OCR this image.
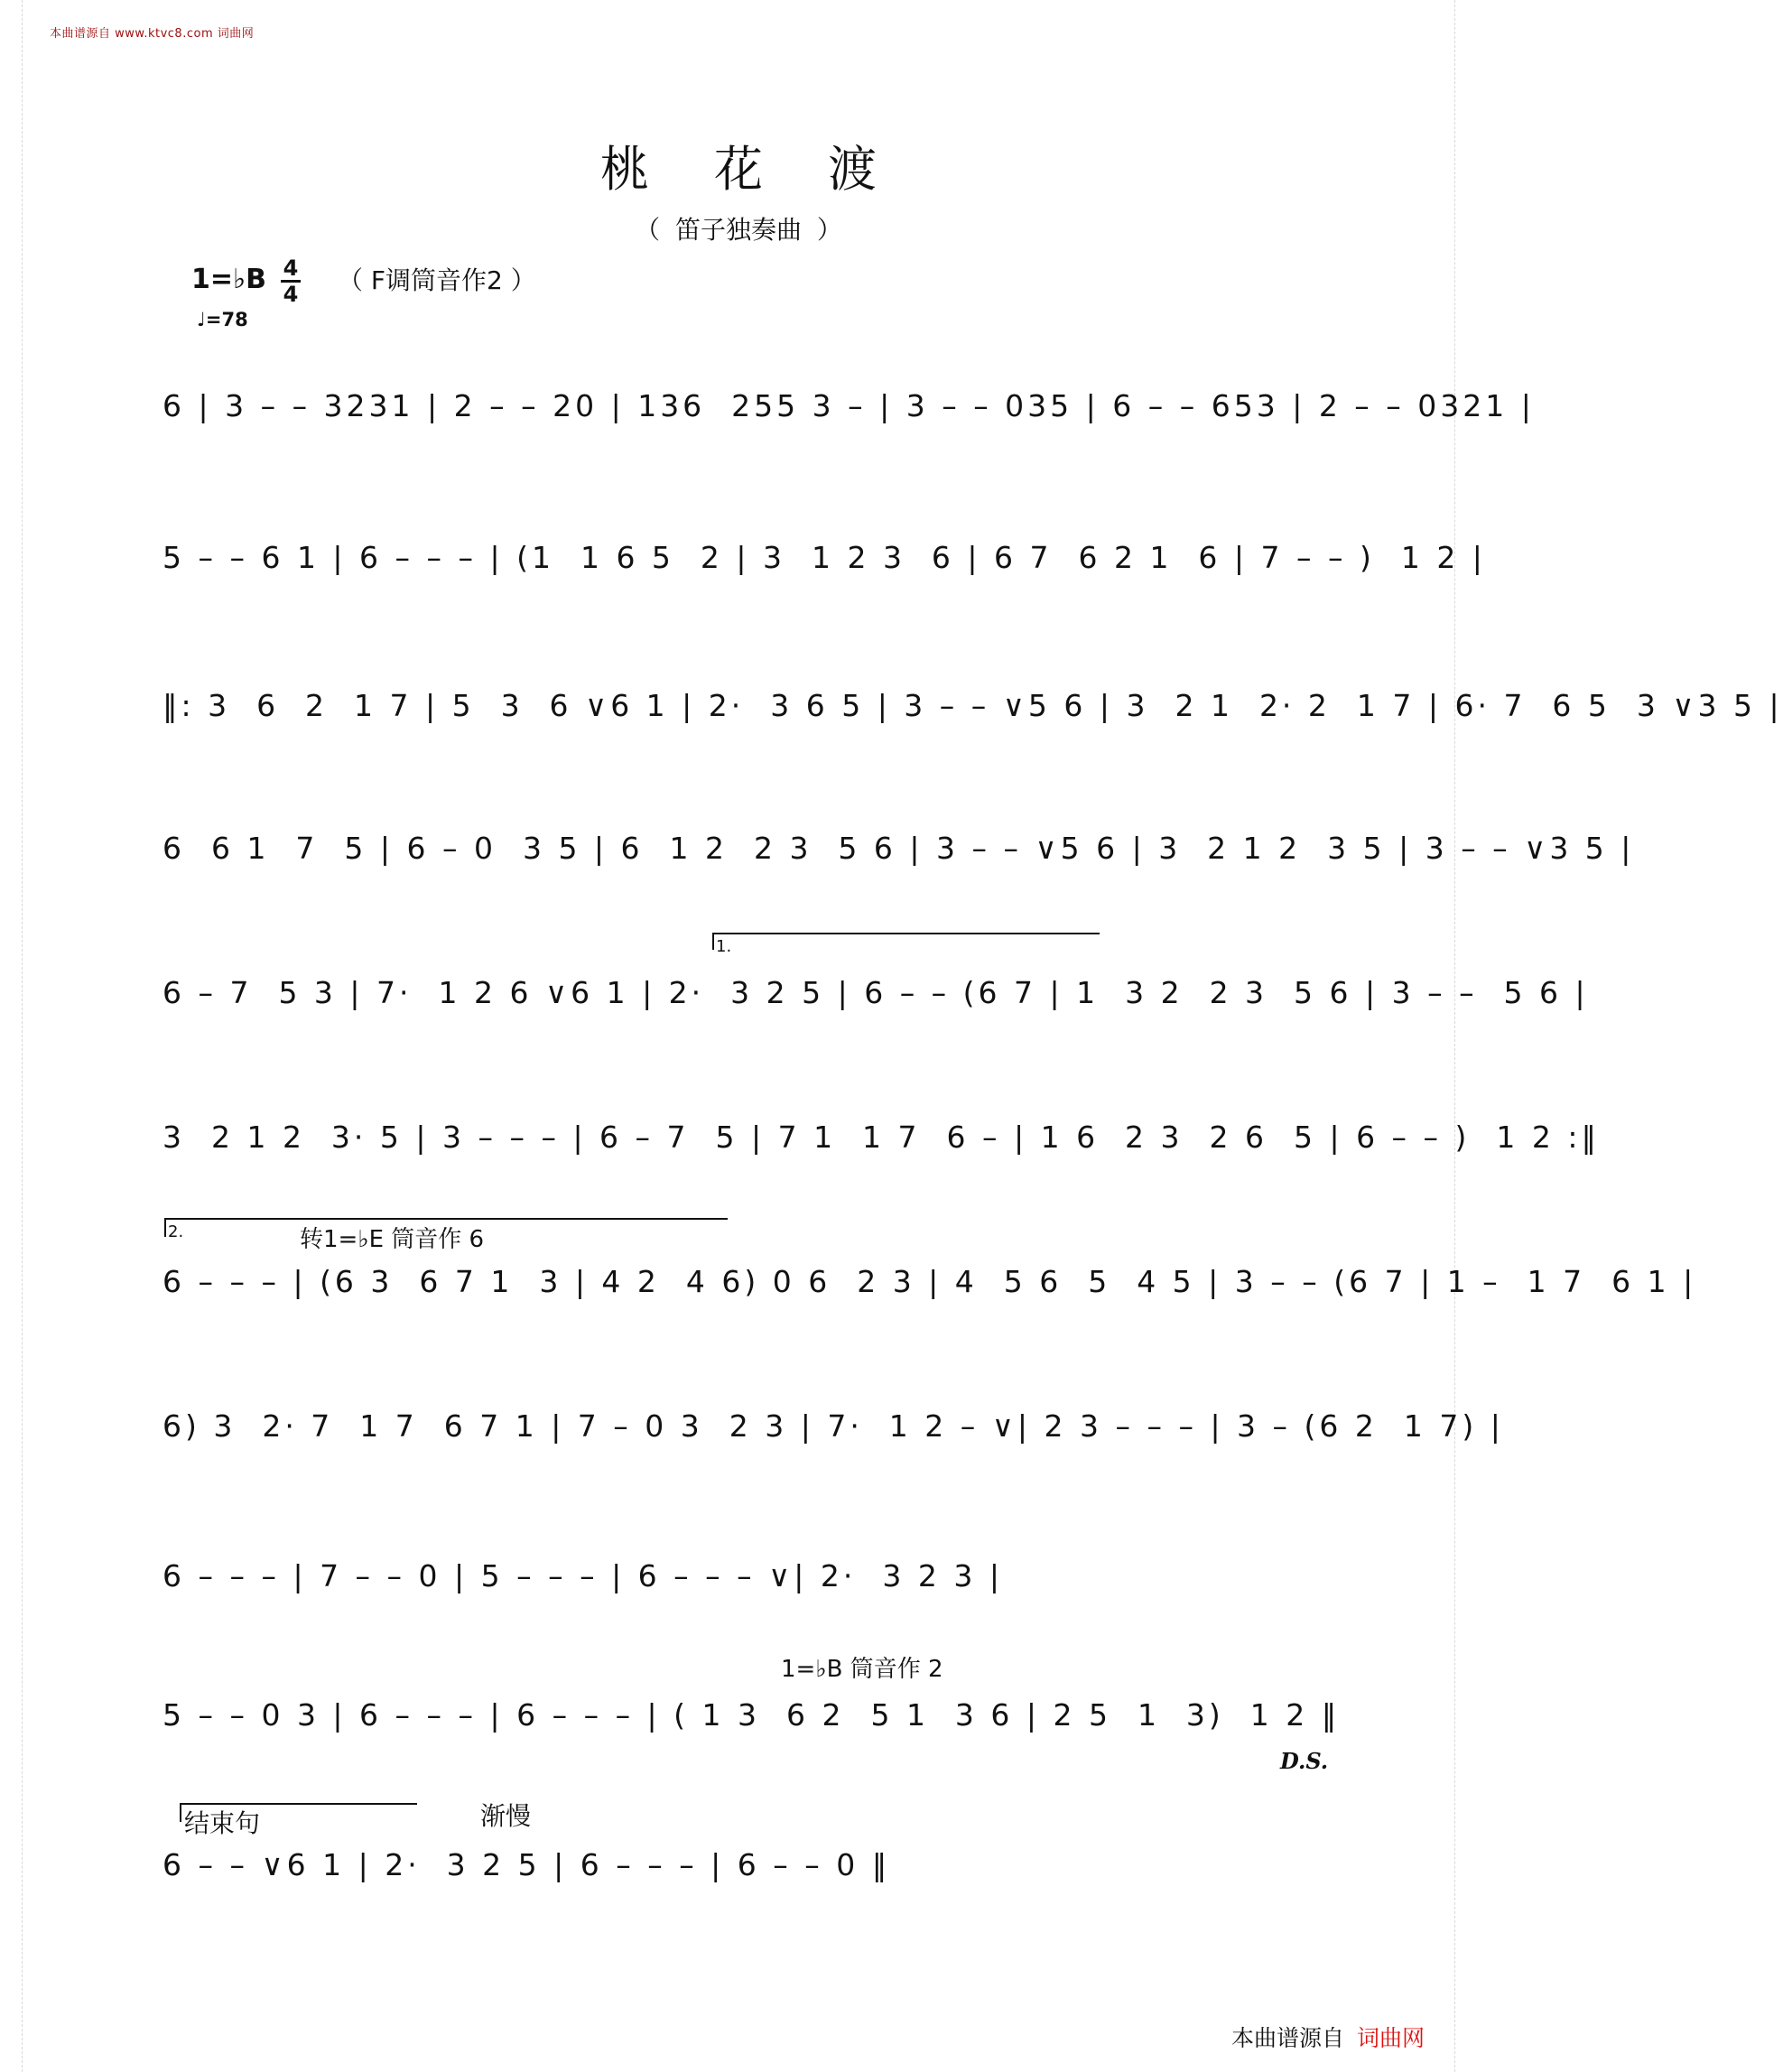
本曲谱源自 www.ktvc8.com 词曲网
桃花渡
（ 笛子独奏曲 ）
1=♭B 4
4 （ F调筒音作2 ）
♩=78
6 | 3 – – 3231 | 2 – – 20 | 136  255 3 – | 3 – – 035 | 6 – – 653 | 2 – – 0321 |
5 – – 6 1 | 6 – – – | (1  1 6 5  2 | 3  1 2 3  6 | 6 7  6 2 1  6 | 7 – – )  1 2 |
‖: 3  6  2  1 7 | 5  3  6 ∨6 1 | 2·  3 6 5 | 3 – – ∨5 6 | 3  2 1  2· 2  1 7 | 6· 7  6 5  3 ∨3 5 |
6  6 1  7  5 | 6 – 0  3 5 | 6  1 2  2 3  5 6 | 3 – – ∨5 6 | 3  2 1 2  3 5 | 3 – – ∨3 5 |
6 – 7  5 3 | 7·  1 2 6 ∨6 1 | 2·  3 2 5 | 6 – – (6 7 | 1  3 2  2 3  5 6 | 3 – –  5 6 |
3  2 1 2  3· 5 | 3 – – – | 6 – 7  5 | 7 1  1 7  6 – | 1 6  2 3  2 6  5 | 6 – – )  1 2 :‖
6 – – – | (6 3  6 7 1  3 | 4 2  4 6) 0 6  2 3 | 4  5 6  5  4 5 | 3 – – (6 7 | 1 –  1 7  6 1 |
6) 3  2· 7  1 7  6 7 1 | 7 – 0 3  2 3 | 7·  1 2 – ∨| 2 3 – – – | 3 – (6 2  1 7) |
6 – – – | 7 – – 0 | 5 – – – | 6 – – – ∨| 2·  3 2 3 |
5 – – 0 3 | 6 – – – | 6 – – – | ( 1 3  6 2  5 1  3 6 | 2 5  1  3)  1 2 ‖
6 – – ∨6 1 | 2·  3 2 5 | 6 – – – | 6 – – 0 ‖
1.
2.	转1=♭E 筒音作 6
1=♭B 筒音作 2
结束句	渐慢
D.S.
本曲谱源自 词曲网
